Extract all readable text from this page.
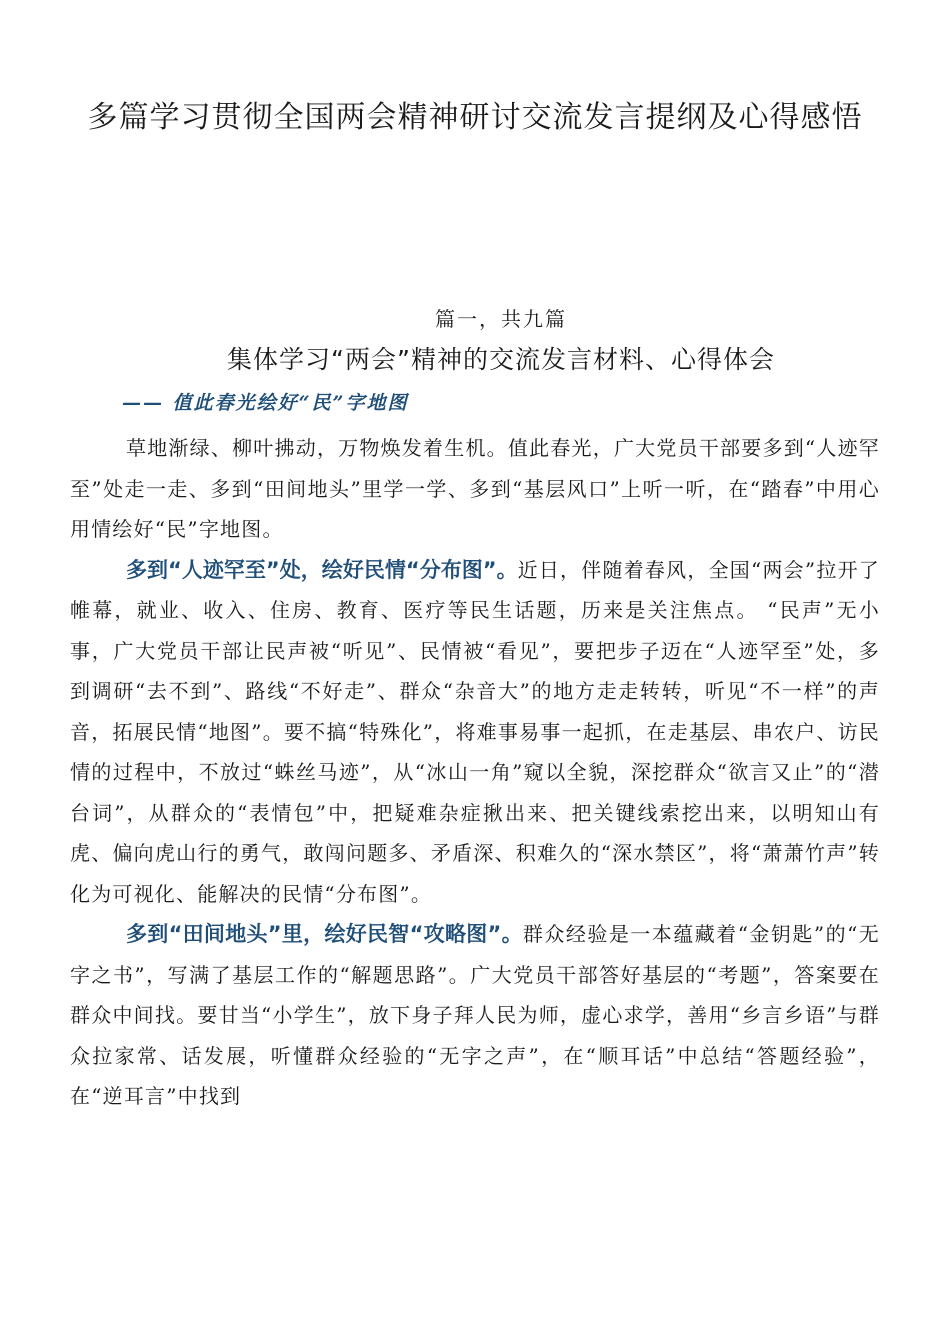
多篇学习贯彻全国两会精神研讨交流发言提纲及心得感悟
篇一，共九篇
集体学习“两会”精神的交流发言材料、心得体会
—— 值此春光绘好“民”字地图

草地渐绿、柳叶拂动，万物焕发着生机。值此春光，广大党员干部要多到“人迹罕至”处走一走、多到“田间地头”里学一学、多到“基层风口”上听一听，在“踏春”中用心用情绘好“民”字地图。

多到“人迹罕至”处，绘好民情“分布图”。近日，伴随着春风，全国“两会”拉开了帷幕，就业、收入、住房、教育、医疗等民生话题，历来是关注焦点。 “民声”无小事，广大党员干部让民声被“听见”、民情被“看见”，要把步子迈在“人迹罕至”处，多到调研“去不到”、路线“不好走”、群众“杂音大”的地方走走转转，听见“不一样”的声音，拓展民情“地图”。要不搞“特殊化”，将难事易事一起抓，在走基层、串农户、访民情的过程中，不放过“蛛丝马迹”，从“冰山一角”窥以全貌，深挖群众“欲言又止”的“潜台词”，从群众的“表情包”中，把疑难杂症揪出来、把关键线索挖出来，以明知山有虎、偏向虎山行的勇气，敢闯问题多、矛盾深、积难久的“深水禁区”，将“萧萧竹声”转化为可视化、能解决的民情“分布图”。

多到“田间地头”里，绘好民智“攻略图”。群众经验是一本蕴藏着“金钥匙”的“无字之书”，写满了基层工作的“解题思路”。广大党员干部答好基层的“考题”，答案要在群众中间找。要甘当“小学生”，放下身子拜人民为师，虚心求学，善用“乡言乡语”与群众拉家常、话发展，听懂群众经验的“无字之声”，在“顺耳话”中总结“答题经验”，在“逆耳言”中找到
